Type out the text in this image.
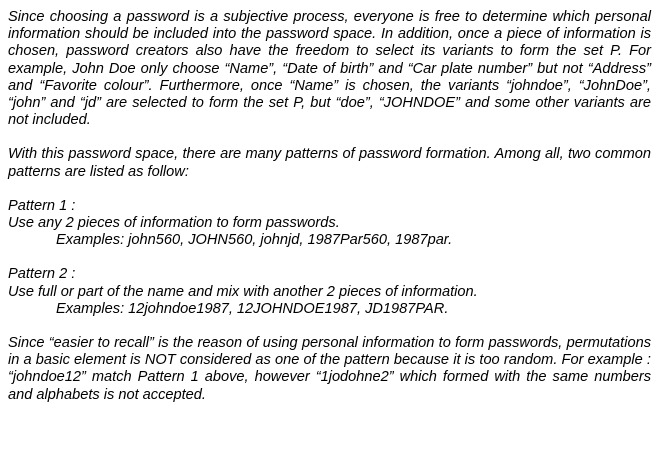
Since choosing a password is a subjective process, everyone is free to determine which personal information should be included into the password space. In addition, once a piece of information is chosen, password creators also have the freedom to select its variants to form the set P. For example, John Doe only choose “Name”, “Date of birth” and “Car plate number” but not “Address” and “Favorite colour”. Furthermore, once “Name” is chosen, the variants “johndoe”, “JohnDoe”, “john” and “jd” are selected to form the set P, but “doe”, “JOHNDOE” and some other variants are not included.

With this password space, there are many patterns of password formation. Among all, two common patterns are listed as follow:

Pattern 1 :

Use any 2 pieces of information to form passwords.

Examples: john560, JOHN560, johnjd, 1987Par560, 1987par.

Pattern 2 :

Use full or part of the name and mix with another 2 pieces of information.

Examples: 12johndoe1987, 12JOHNDOE1987, JD1987PAR.

Since “easier to recall” is the reason of using personal information to form passwords, permutations in a basic element is NOT considered as one of the pattern because it is too random. For example : “johndoe12” match Pattern 1 above, however “1jodohne2” which formed with the same numbers and alphabets is not accepted.
